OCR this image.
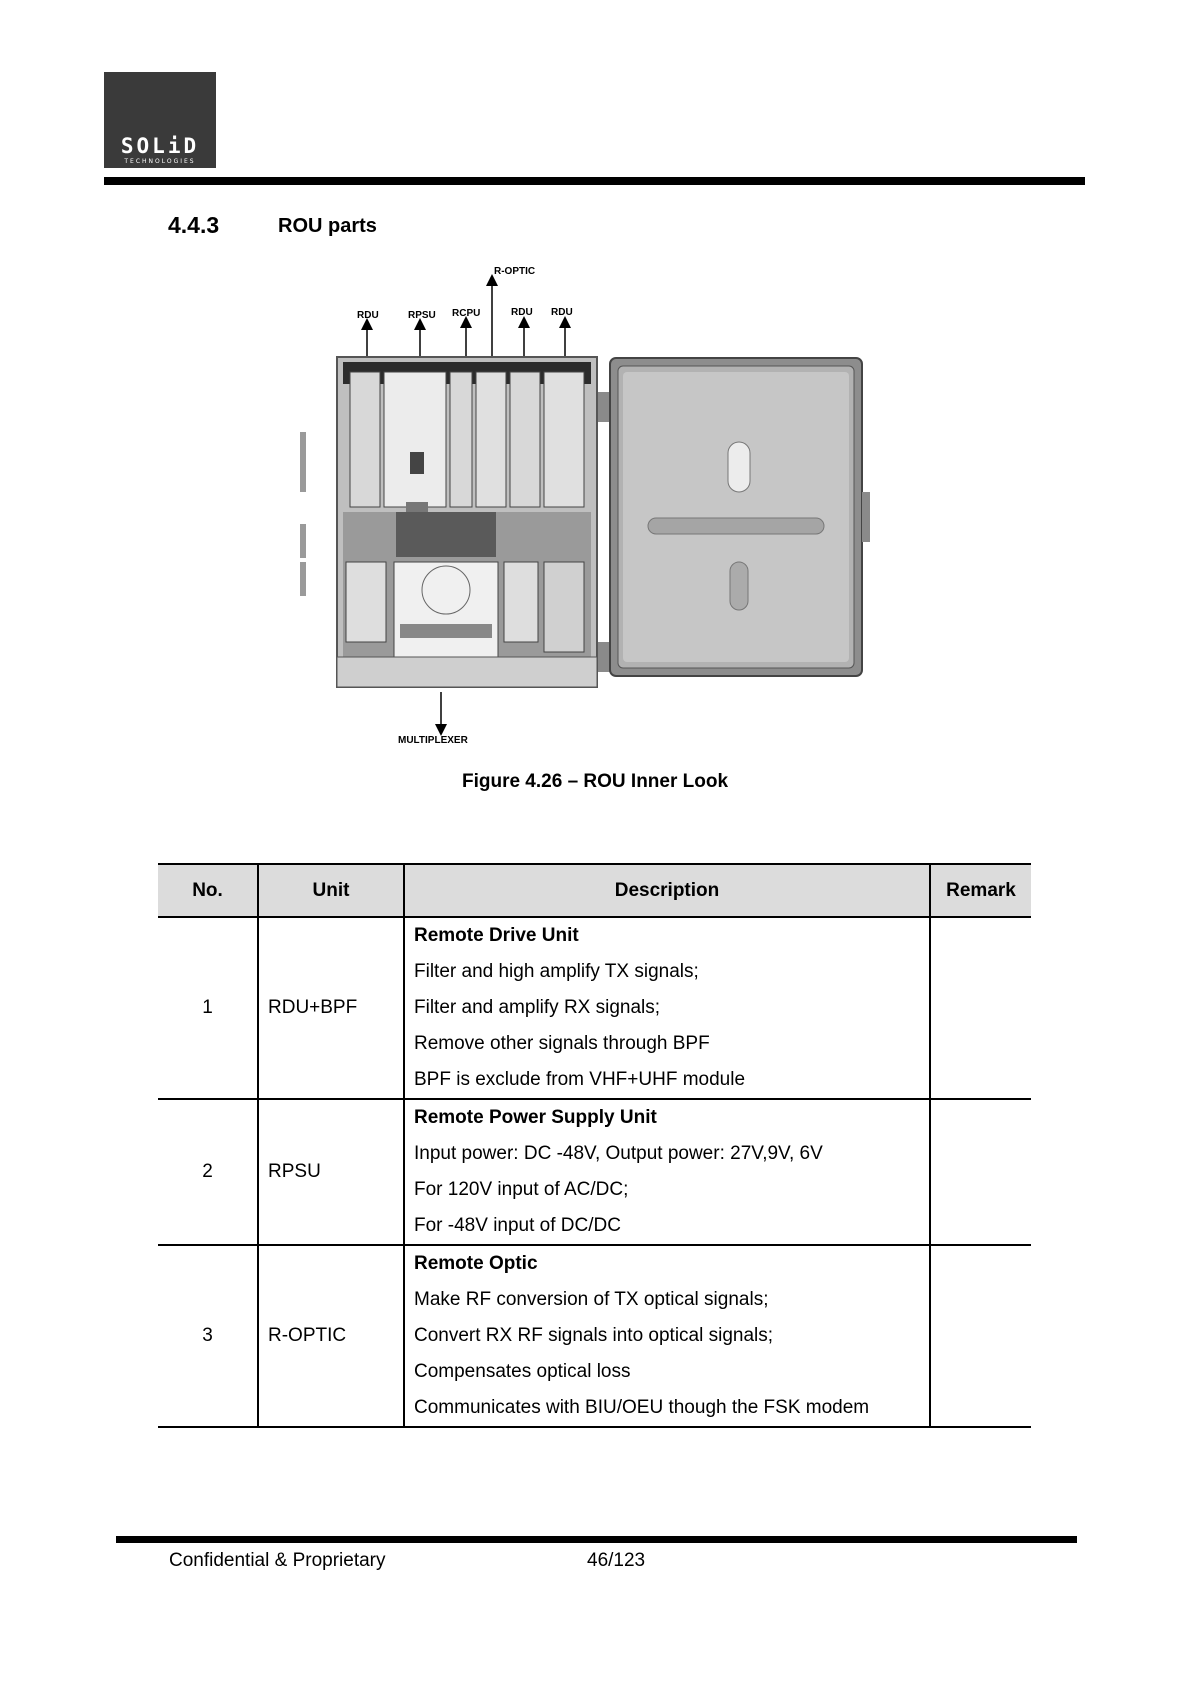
SOLiD
TECHNOLOGIES
4.4.3	ROU parts
R-OPTIC
RDU	RPSU RCPU	RDU RDU
MULTIPLEXER
Figure 4.26 – ROU Inner Look
No.	Unit	Description	Remark
1	RDU+BPF	Remote Drive Unit
Filter and high amplify TX signals;
Filter and amplify RX signals;
Remove other signals through BPF
BPF is exclude from VHF+UHF module	

2	RPSU	Remote Power Supply Unit
Input power: DC -48V, Output power: 27V,9V, 6V
For 120V input of AC/DC;
For -48V input of DC/DC	

3	R-OPTIC	Remote Optic
Make RF conversion of TX optical signals;
Convert RX RF signals into optical signals;
Compensates optical loss
Communicates with BIU/OEU though the FSK modem	

Confidential & Proprietary	46/123
